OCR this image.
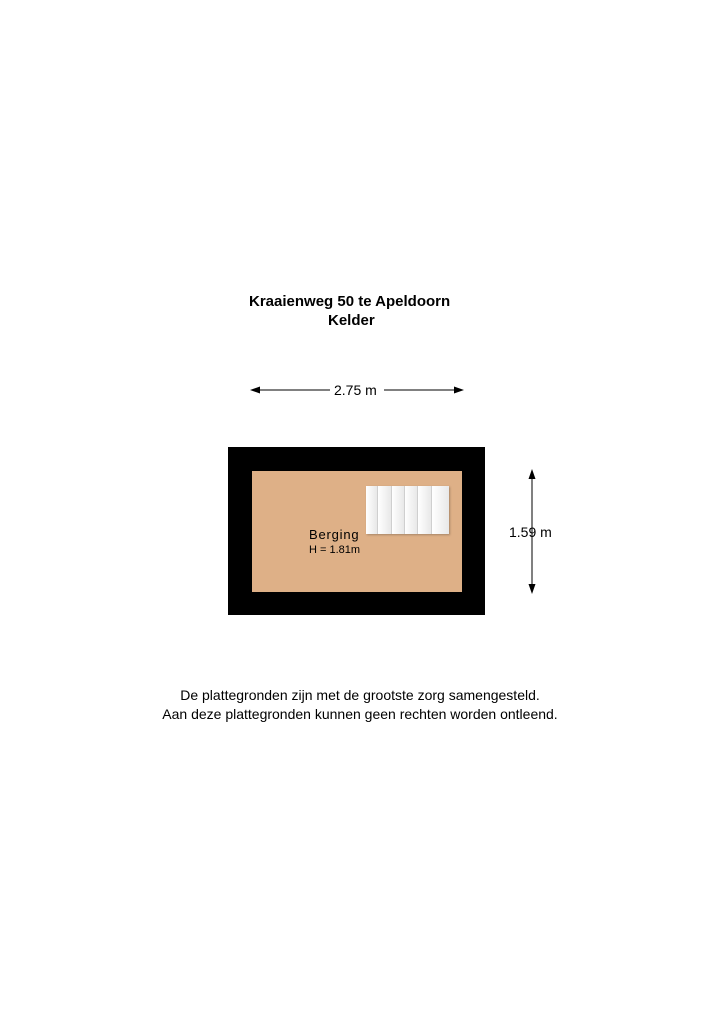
Kraaienweg 50 te Apeldoorn
Kelder
2.75 m
1.59 m
Berging
H = 1.81m
De plattegronden zijn met de grootste zorg samengesteld.
Aan deze plattegronden kunnen geen rechten worden ontleend.
